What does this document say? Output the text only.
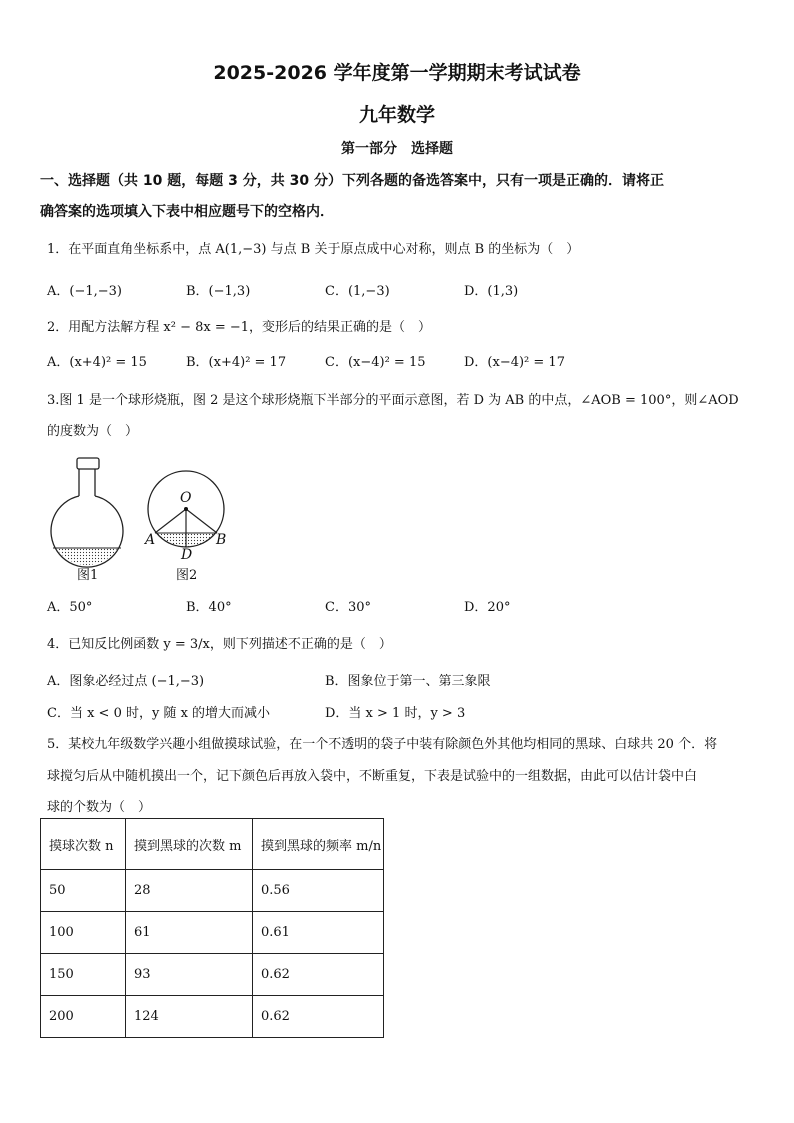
2025-2026 学年度第一学期期末考试试卷
九年数学
第一部分　选择题
一、选择题（共 10 题，每题 3 分，共 30 分）下列各题的备选答案中，只有一项是正确的．请将正
确答案的选项填入下表中相应题号下的空格内．
1．在平面直角坐标系中，点 A(1,−3) 与点 B 关于原点成中心对称，则点 B 的坐标为（　）
A．(−1,−3)	B．(−1,3)	C．(1,−3)	D．(1,3)
2．用配方法解方程 x² − 8x = −1，变形后的结果正确的是（　）
A．(x+4)² = 15	B．(x+4)² = 17	C．(x−4)² = 15	D．(x−4)² = 17
3.图 1 是一个球形烧瓶，图 2 是这个球形烧瓶下半部分的平面示意图，若 D 为 AB 的中点，∠AOB = 100°，则∠AOD
的度数为（　）
O
A	B
D
图1	图2
A．50°	B．40°	C．30°	D．20°
4．已知反比例函数 y = 3/x，则下列描述不正确的是（　）
A．图象必经过点 (−1,−3)	B．图象位于第一、第三象限
C．当 x < 0 时，y 随 x 的增大而减小	D．当 x > 1 时，y > 3
5．某校九年级数学兴趣小组做摸球试验，在一个不透明的袋子中装有除颜色外其他均相同的黑球、白球共 20 个．将
球搅匀后从中随机摸出一个，记下颜色后再放入袋中，不断重复，下表是试验中的一组数据，由此可以估计袋中白
球的个数为（　）
摸球次数 n	摸到黑球的次数 m	摸到黑球的频率 m/n
50	28	0.56
100	61	0.61
150	93	0.62
200	124	0.62
